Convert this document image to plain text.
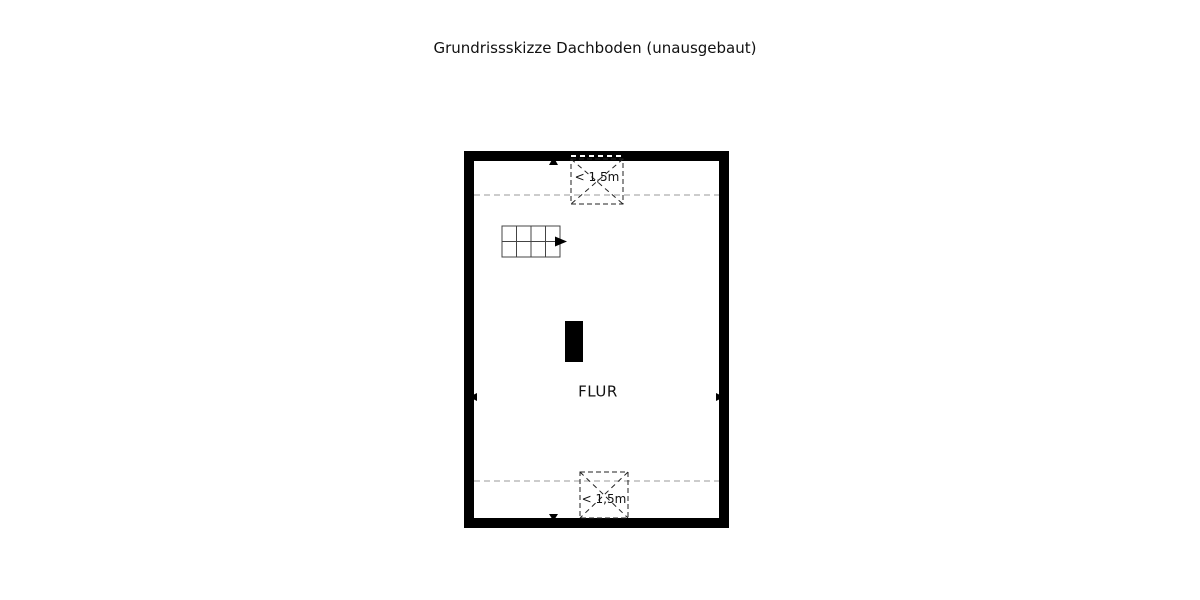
Grundrissskizze Dachboden (unausgebaut)
< 1,5m
< 1,5m
FLUR
